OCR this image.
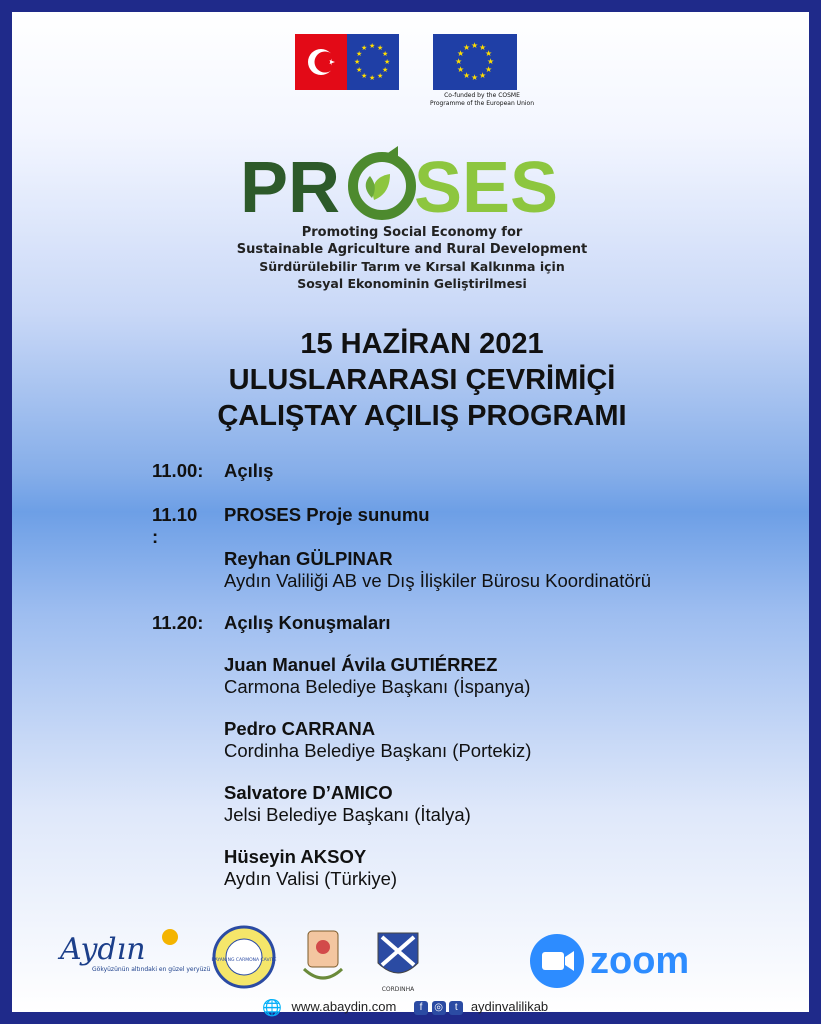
★ ★
★
★
★
★
★
★
★
★
★
★	★ ★
★
★
★
★
★
★
★
★
★
★
Co-funded by the COSME
Programme of the European Union
PR SES
Promoting Social Economy for
Sustainable Agriculture and Rural Development
Sürdürülebilir Tarım ve Kırsal Kalkınma için
Sosyal Ekonominin Geliştirilmesi
15 HAZİRAN 2021
ULUSLARARASI ÇEVRİMİÇİ
ÇALIŞTAY AÇILIŞ PROGRAMI
11.00: Açılış
11.10 :
PROSES Proje sunumu
Reyhan GÜLPINAR
Aydın Valiliği AB ve Dış İlişkiler Bürosu Koordinatörü
11.20: Açılış Konuşmaları
Juan Manuel Ávila GUTIÉRREZ
Carmona Belediye Başkanı (İspanya)
Pedro CARRANA
Cordinha Belediye Başkanı (Portekiz)
Salvatore D’AMICO
Jelsi Belediye Başkanı (İtalya)
Hüseyin AKSOY
Aydın Valisi (Türkiye)
Aydın
Gökyüzünün altındaki en güzel yeryüzü
BAYAN NG CARMONA CAVITE
CORDINHA
zoom
🌐 www.abaydin.com f ◎ t aydinvalilikab
